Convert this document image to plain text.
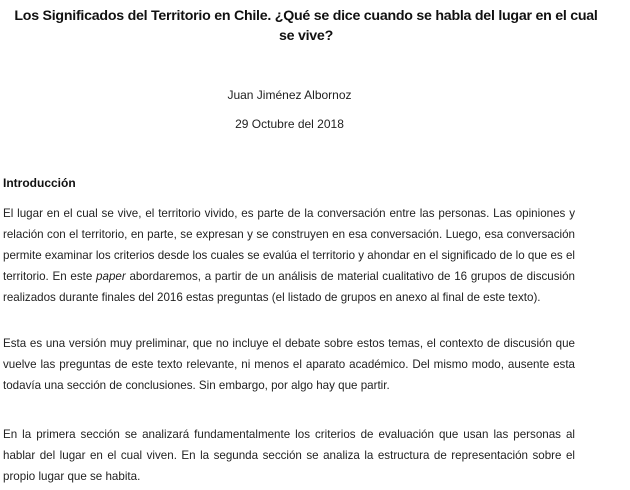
Los Significados del Territorio en Chile. ¿Qué se dice cuando se habla del lugar en el cual se vive?
Juan Jiménez Albornoz
29 Octubre del 2018
Introducción

El lugar en el cual se vive, el territorio vivido, es parte de la conversación entre las personas. Las opiniones y relación con el territorio, en parte, se expresan y se construyen en esa conversación. Luego, esa conversación permite examinar los criterios desde los cuales se evalúa el territorio y ahondar en el significado de lo que es el territorio. En este paper abordaremos, a partir de un análisis de material cualitativo de 16 grupos de discusión realizados durante finales del 2016 estas preguntas (el listado de grupos en anexo al final de este texto).

Esta es una versión muy preliminar, que no incluye el debate sobre estos temas, el contexto de discusión que vuelve las preguntas de este texto relevante, ni menos el aparato académico. Del mismo modo, ausente esta todavía una sección de conclusiones. Sin embargo, por algo hay que partir.

En la primera sección se analizará fundamentalmente los criterios de evaluación que usan las personas al hablar del lugar en el cual viven. En la segunda sección se analiza la estructura de representación sobre el propio lugar que se habita.
